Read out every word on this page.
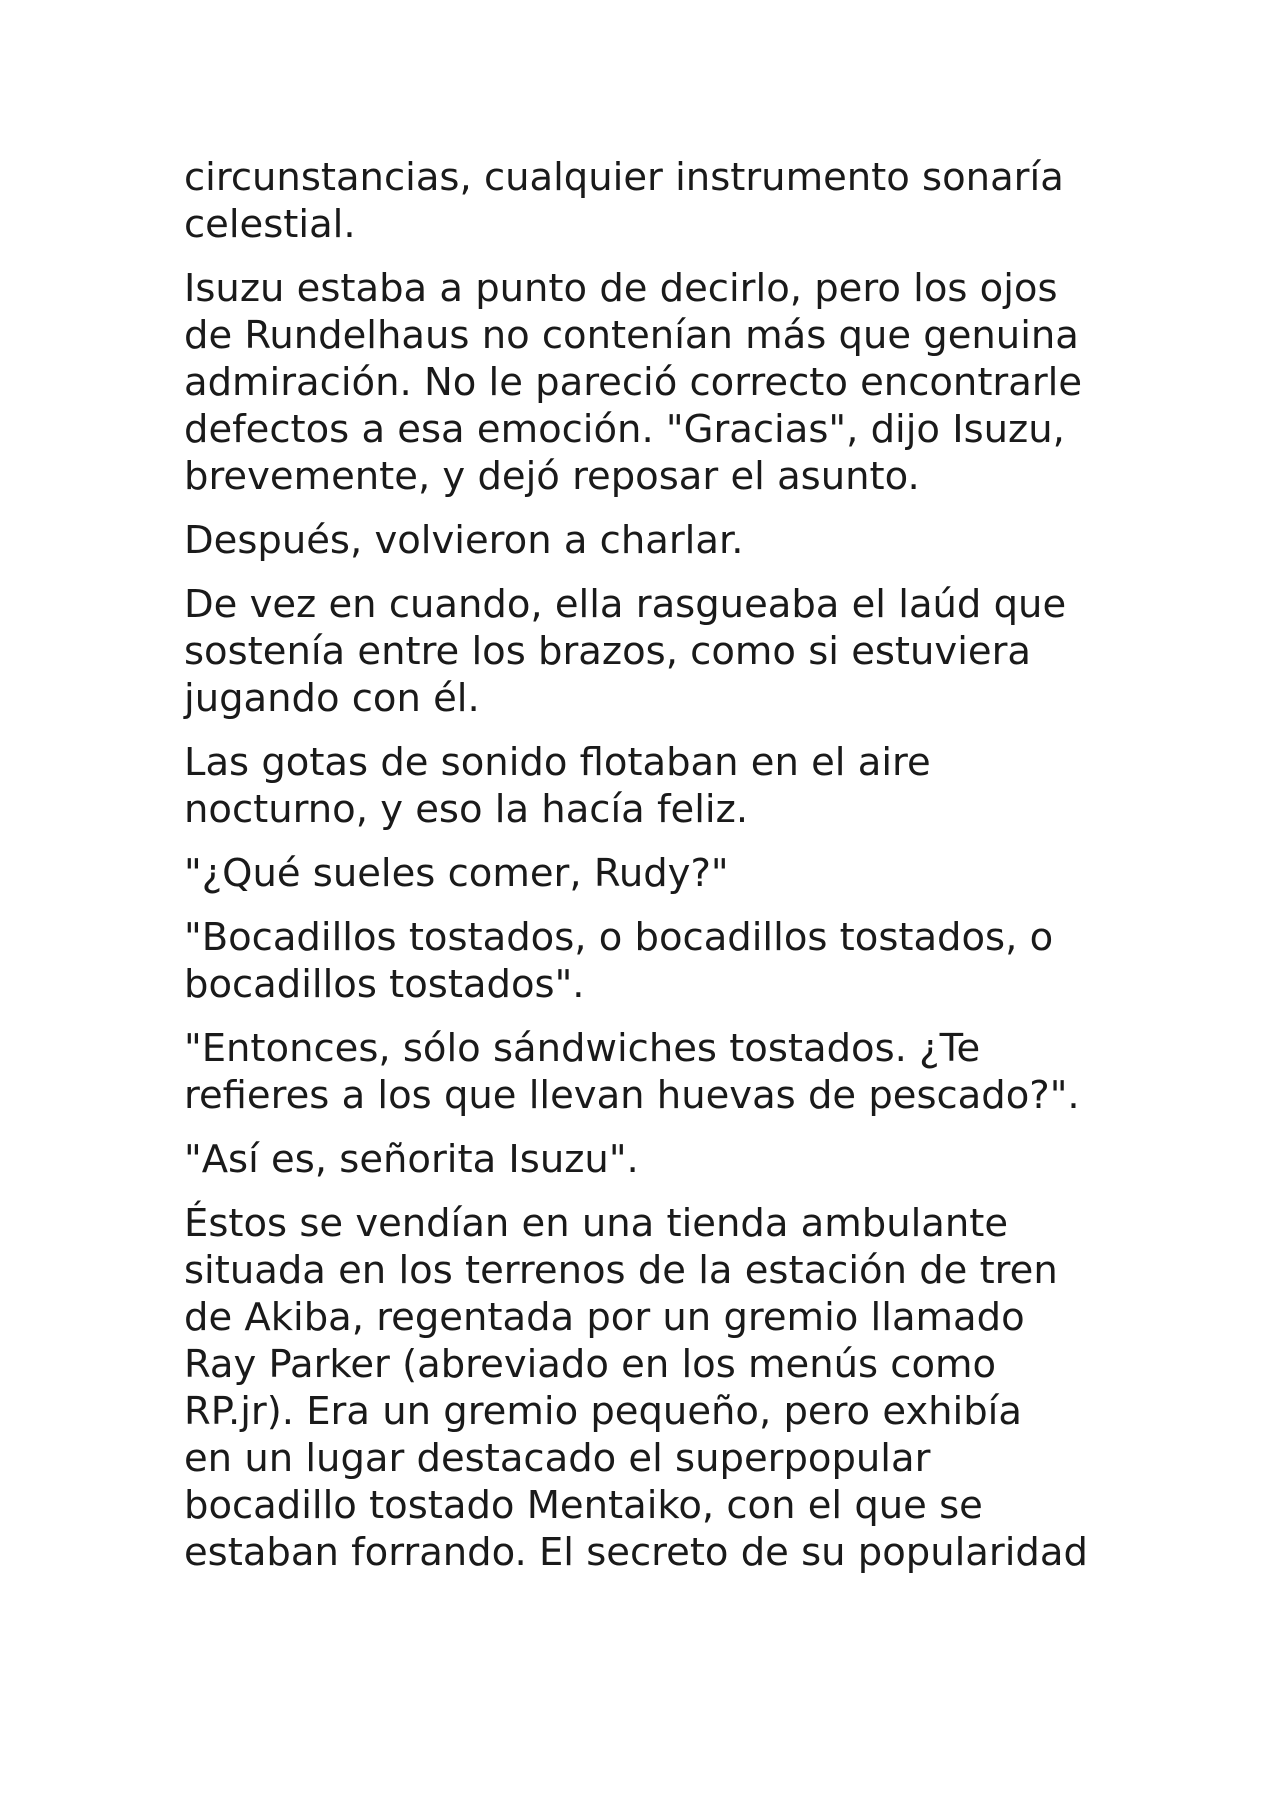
circunstancias, cualquier instrumento sonaría
celestial.

Isuzu estaba a punto de decirlo, pero los ojos
de Rundelhaus no contenían más que genuina
admiración. No le pareció correcto encontrarle
defectos a esa emoción. "Gracias", dijo Isuzu,
brevemente, y dejó reposar el asunto.

Después, volvieron a charlar.

De vez en cuando, ella rasgueaba el laúd que
sostenía entre los brazos, como si estuviera
jugando con él.

Las gotas de sonido flotaban en el aire
nocturno, y eso la hacía feliz.

"¿Qué sueles comer, Rudy?"

"Bocadillos tostados, o bocadillos tostados, o
bocadillos tostados".

"Entonces, sólo sándwiches tostados. ¿Te
refieres a los que llevan huevas de pescado?".

"Así es, señorita Isuzu".

Éstos se vendían en una tienda ambulante
situada en los terrenos de la estación de tren
de Akiba, regentada por un gremio llamado
Ray Parker (abreviado en los menús como
RP.jr). Era un gremio pequeño, pero exhibía
en un lugar destacado el superpopular
bocadillo tostado Mentaiko, con el que se
estaban forrando. El secreto de su popularidad
